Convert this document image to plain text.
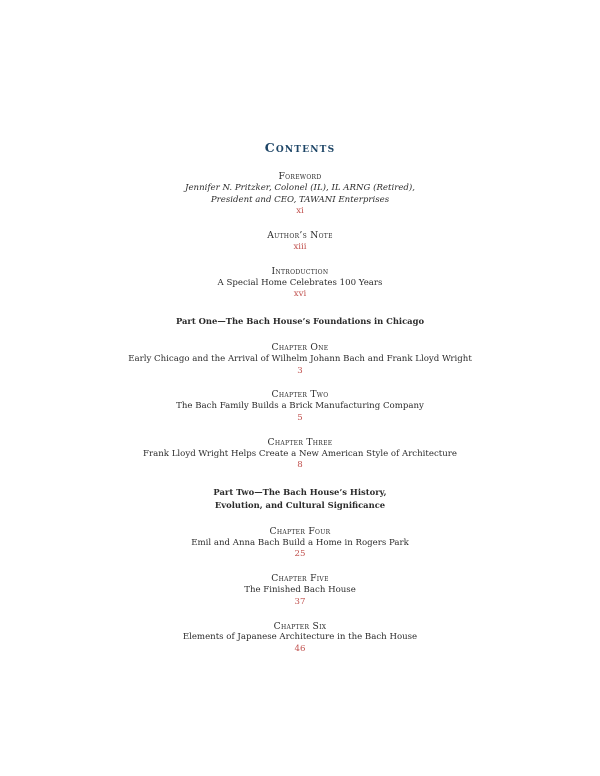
Contents
Foreword
Jennifer N. Pritzker, Colonel (IL), IL ARNG (Retired),
President and CEO, TAWANI Enterprises
xi
Author’s Note
xiii
Introduction
A Special Home Celebrates 100 Years
xvi
Part One—The Bach House’s Foundations in Chicago
Chapter One
Early Chicago and the Arrival of Wilhelm Johann Bach and Frank Lloyd Wright
3
Chapter Two
The Bach Family Builds a Brick Manufacturing Company
5
Chapter Three
Frank Lloyd Wright Helps Create a New American Style of Architecture
8
Part Two—The Bach House’s History,
Evolution, and Cultural Significance
Chapter Four
Emil and Anna Bach Build a Home in Rogers Park
25
Chapter Five
The Finished Bach House
37
Chapter Six
Elements of Japanese Architecture in the Bach House
46
